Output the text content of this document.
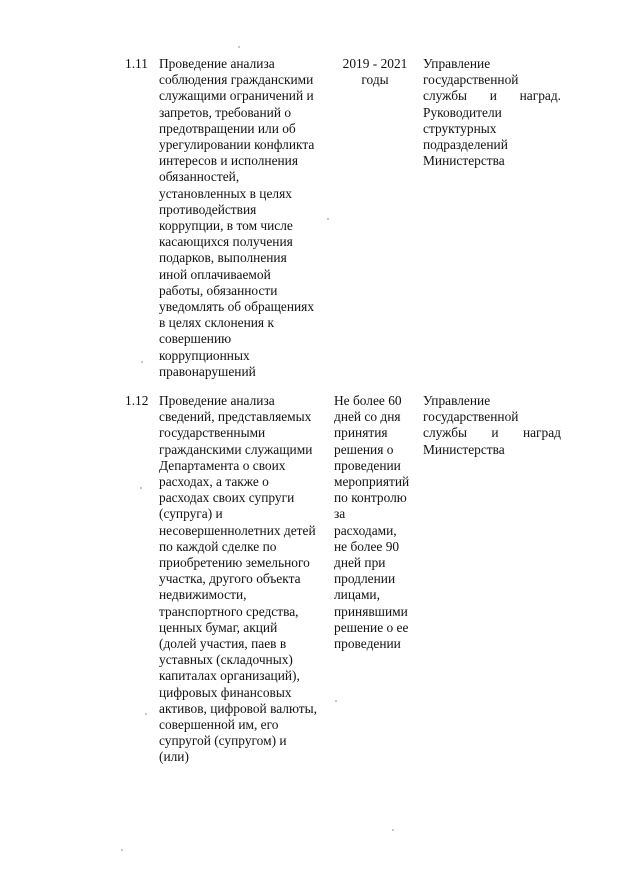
1.11 Проведение анализа
соблюдения гражданскими
служащими ограничений и
запретов, требований о
предотвращении или об
урегулировании конфликта
интересов и исполнения
обязанностей,
установленных в целях
противодействия
коррупции, в том числе
касающихся получения
подарков, выполнения
иной оплачиваемой
работы, обязанности
уведомлять об обращениях
в целях склонения к
совершению
коррупционных
правонарушений
2019 - 2021
годы
Управление
государственной
службы и наград.
Руководители
структурных
подразделений
Министерства
1.12 Проведение анализа
сведений, представляемых
государственными
гражданскими служащими
Департамента о своих
расходах, а также о
расходах своих супруги
(супруга) и
несовершеннолетних детей
по каждой сделке по
приобретению земельного
участка, другого объекта
недвижимости,
транспортного средства,
ценных бумаг, акций
(долей участия, паев в
уставных (складочных)
капиталах организаций),
цифровых финансовых
активов, цифровой валюты,
совершенной им, его
супругой (супругом) и
(или)
Не более 60
дней со дня
принятия
решения о
проведении
мероприятий
по контролю
за
расходами,
не более 90
дней при
продлении
лицами,
принявшими
решение о ее
проведении
Управление
государственной
службы и наград
Министерства
